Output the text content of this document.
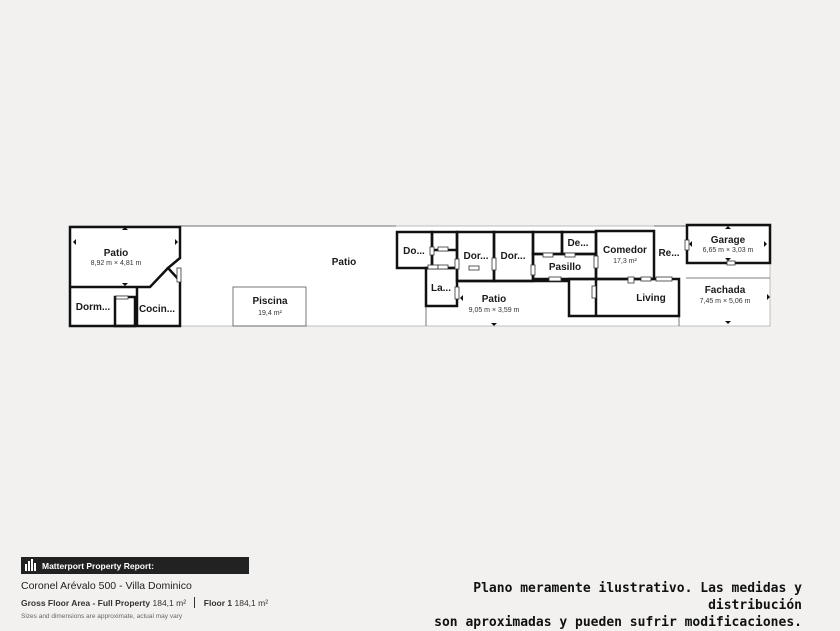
Patio
8,92 m × 4,81 m	Patio
Piscina
19,4 m²
Dorm...	Cocin...
Do...
La...
Dor... Dor...
De...
Pasillo
Comedor
17,3 m²
Re...
Patio
9,05 m × 3,59 m
Living
Garage
6,65 m × 3,03 m
Fachada
7,45 m × 5,06 m
Matterport Property Report:
Coronel Arévalo 500 - Villa Dominico
Gross Floor Area - Full Property 184,1 m² Floor 1 184,1 m²
Sizes and dimensions are approximate, actual may vary
Plano meramente ilustrativo. Las medidas y distribución
son aproximadas y pueden sufrir modificaciones.
